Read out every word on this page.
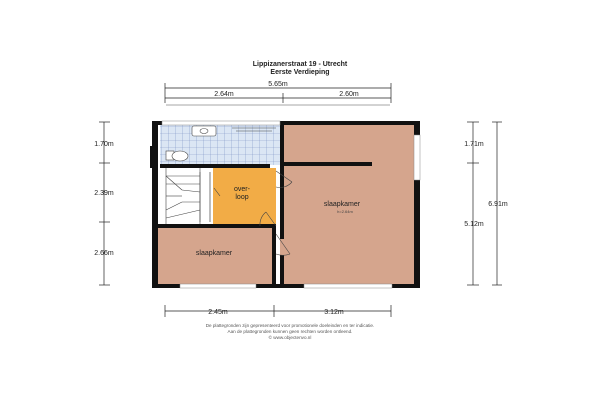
Lippizanerstraat 19 - Utrecht
Eerste Verdieping
5.65m
2.64m	2.60m
1.70m
2.39m
2.66m
1.71m
5.12m
6.91m
2.45m	3.12m
over-
loop
slaapkamer
h=2.64m
slaapkamer
De plattegronden zijn gepresenteerd voor promotionele doeleinden en ter indicatie.
Aan de plattegronden kunnen geen rechten worden ontleend.
© www.objectenvo.nl
